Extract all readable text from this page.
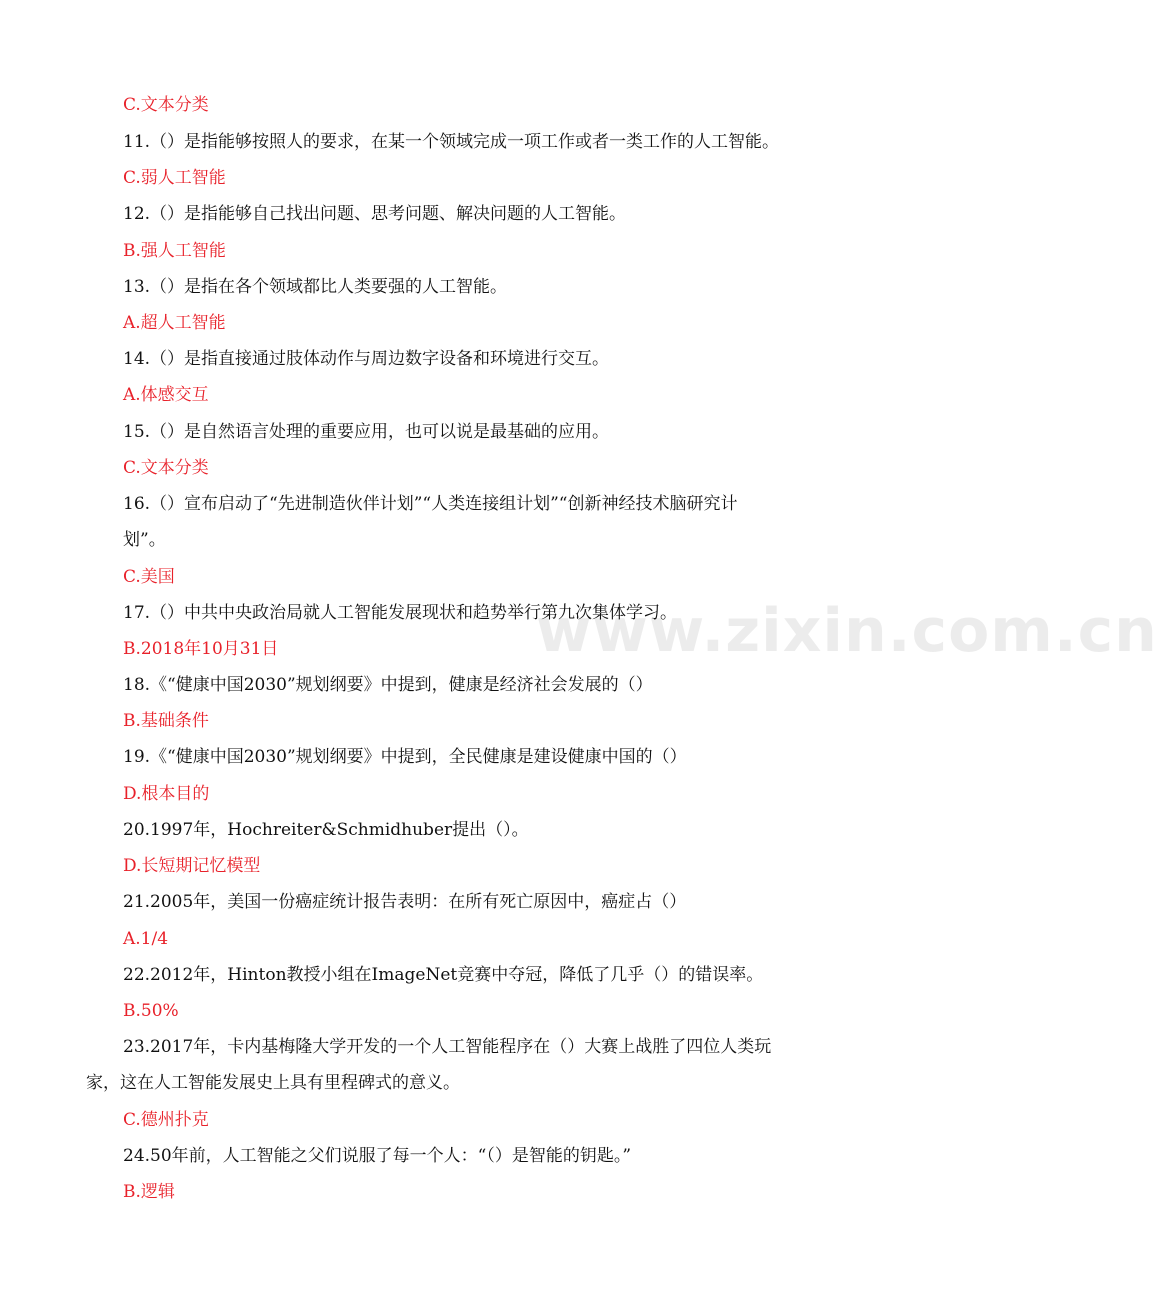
www.zixin.com.cn
C.文本分类
11.（）是指能够按照人的要求，在某一个领域完成一项工作或者一类工作的人工智能。
C.弱人工智能
12.（）是指能够自己找出问题、思考问题、解决问题的人工智能。
B.强人工智能
13.（）是指在各个领域都比人类要强的人工智能。
A.超人工智能
14.（）是指直接通过肢体动作与周边数字设备和环境进行交互。
A.体感交互
15.（）是自然语言处理的重要应用，也可以说是最基础的应用。
C.文本分类
16.（）宣布启动了“先进制造伙伴计划”“人类连接组计划”“创新神经技术脑研究计
划”。
C.美国
17.（）中共中央政治局就人工智能发展现状和趋势举行第九次集体学习。
B.2018年10月31日
18.《“健康中国2030”规划纲要》中提到，健康是经济社会发展的（）
B.基础条件
19.《“健康中国2030”规划纲要》中提到，全民健康是建设健康中国的（）
D.根本目的
20.1997年，Hochreiter&Schmidhuber提出（）。
D.长短期记忆模型
21.2005年，美国一份癌症统计报告表明：在所有死亡原因中，癌症占（）
A.1/4
22.2012年，Hinton教授小组在ImageNet竞赛中夺冠，降低了几乎（）的错误率。
B.50%
23.2017年，卡内基梅隆大学开发的一个人工智能程序在（）大赛上战胜了四位人类玩
家，这在人工智能发展史上具有里程碑式的意义。
C.德州扑克
24.50年前，人工智能之父们说服了每一个人：“（）是智能的钥匙。”
B.逻辑
